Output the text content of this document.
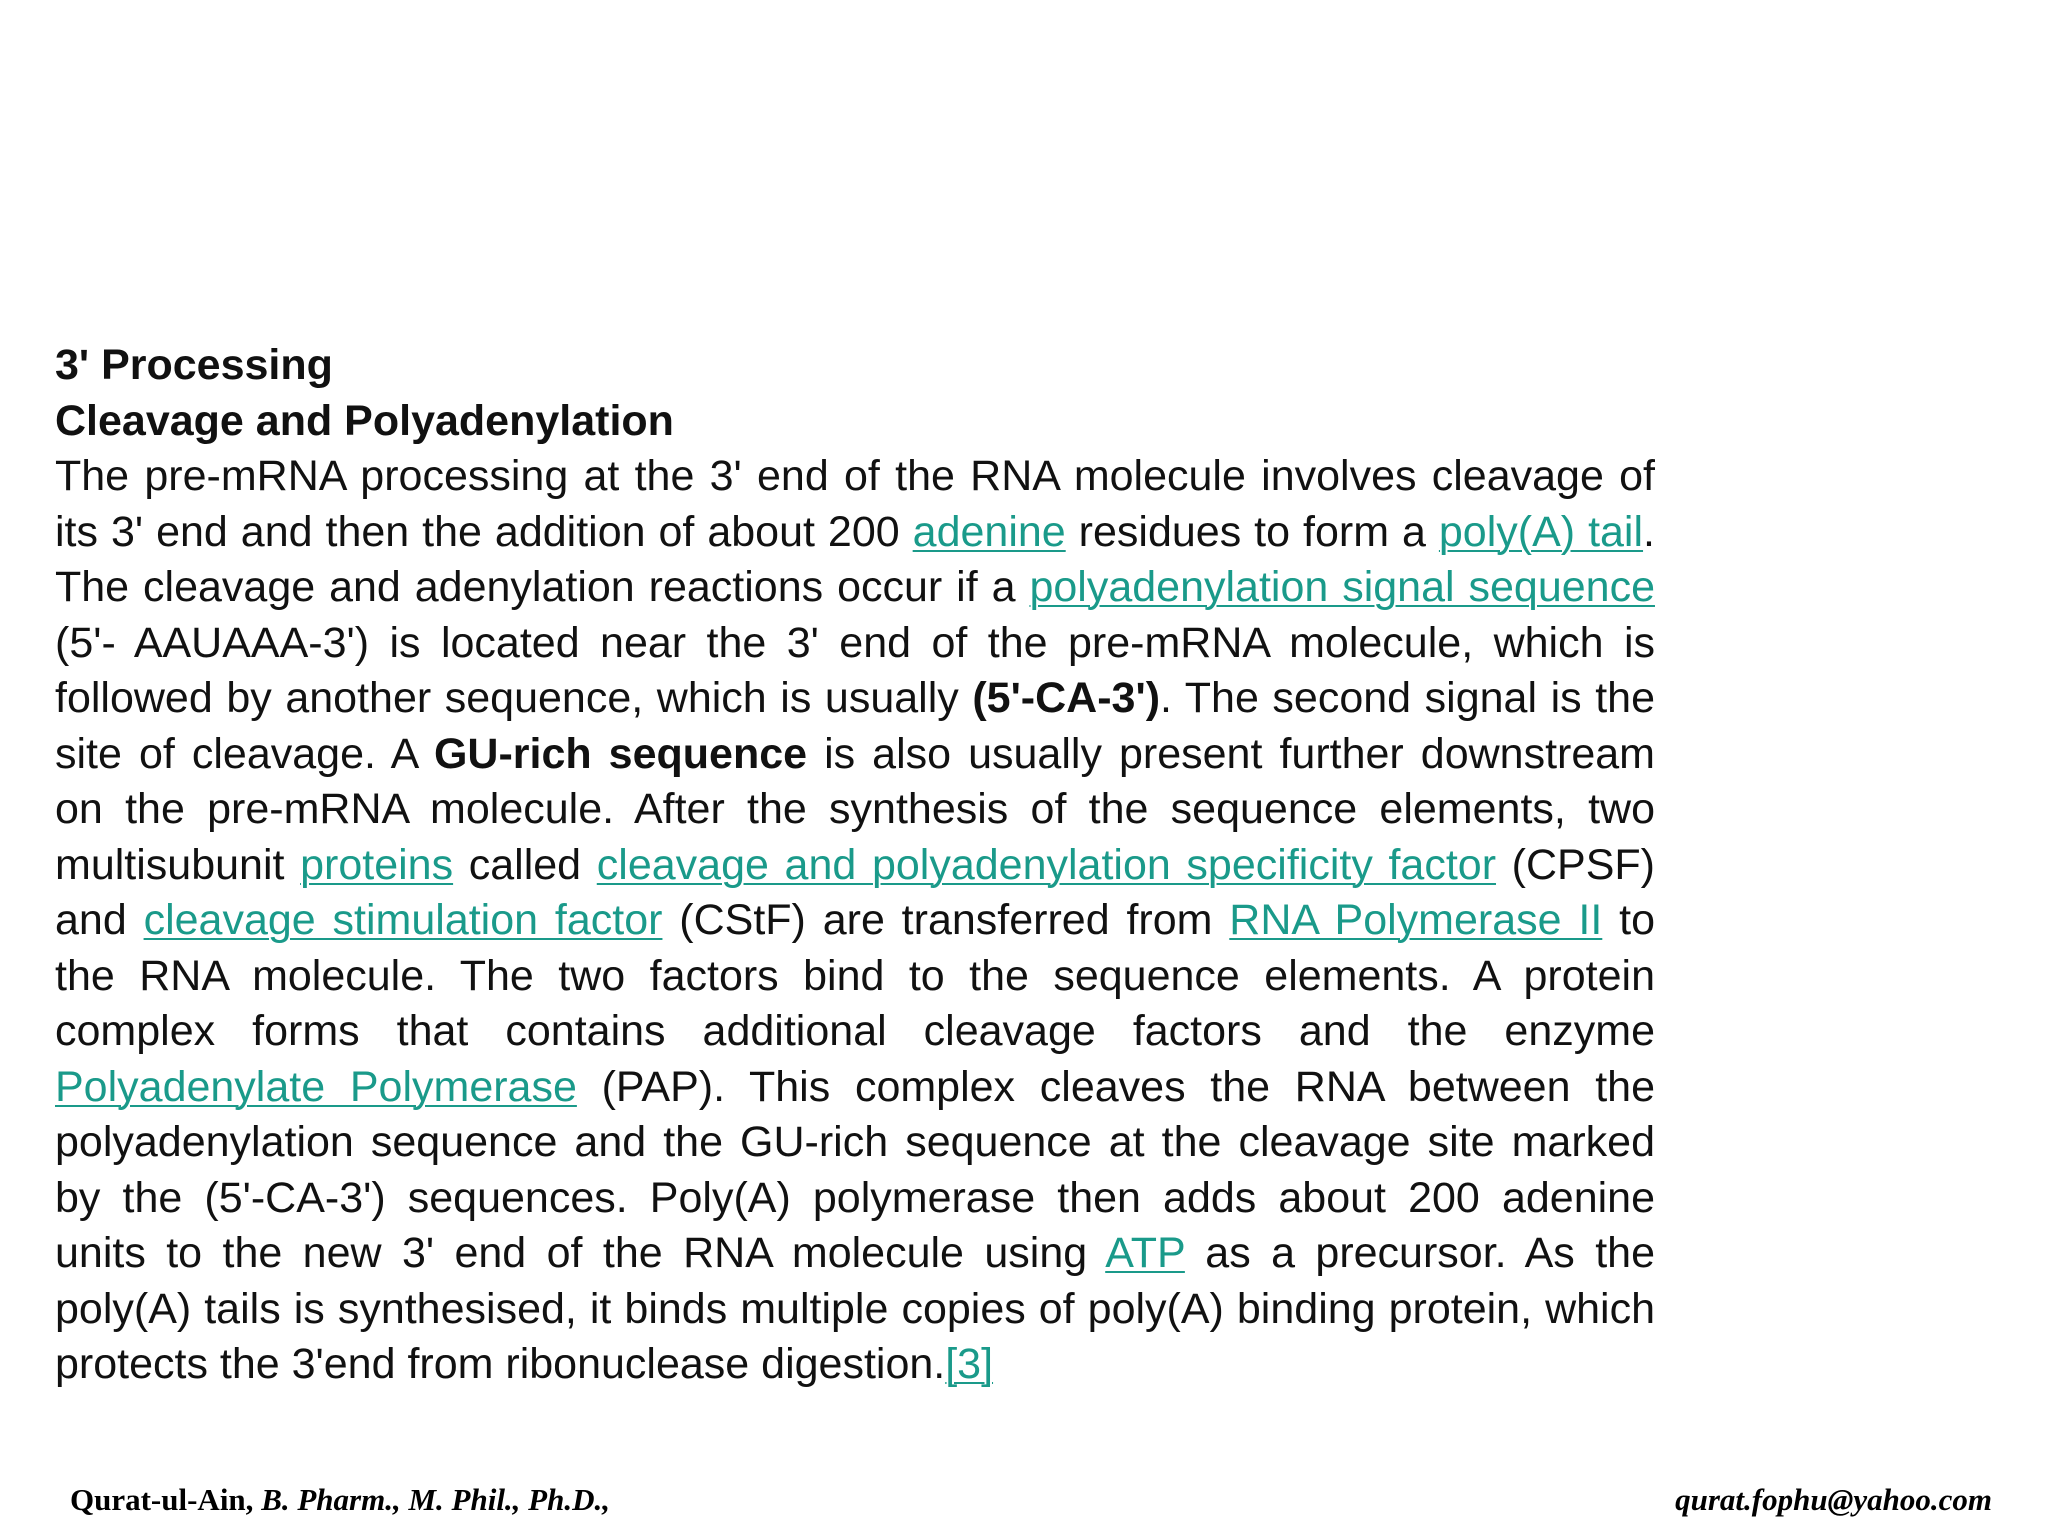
3' Processing

Cleavage and Polyadenylation

The pre-mRNA processing at the 3' end of the RNA molecule involves cleavage of its 3' end and then the addition of about 200 adenine residues to form a poly(A) tail. The cleavage and adenylation reactions occur if a polyadenylation signal sequence (5'- AAUAAA-3') is located near the 3' end of the pre-mRNA molecule, which is followed by another sequence, which is usually (5'-CA-3'). The second signal is the site of cleavage. A GU-rich sequence is also usually present further downstream on the pre-mRNA molecule. After the synthesis of the sequence elements, two multisubunit proteins called cleavage and polyadenylation specificity factor (CPSF) and cleavage stimulation factor (CStF) are transferred from RNA Polymerase II to the RNA molecule. The two factors bind to the sequence elements. A protein complex forms that contains additional cleavage factors and the enzyme Polyadenylate Polymerase (PAP). This complex cleaves the RNA between the polyadenylation sequence and the GU-rich sequence at the cleavage site marked by the (5'-CA-3') sequences. Poly(A) polymerase then adds about 200 adenine units to the new 3' end of the RNA molecule using ATP as a precursor. As the poly(A) tails is synthesised, it binds multiple copies of poly(A) binding protein, which protects the 3'end from ribonuclease digestion.[3]

Qurat-ul-Ain, B. Pharm., M. Phil., Ph.D.,	qurat.fophu@yahoo.com
